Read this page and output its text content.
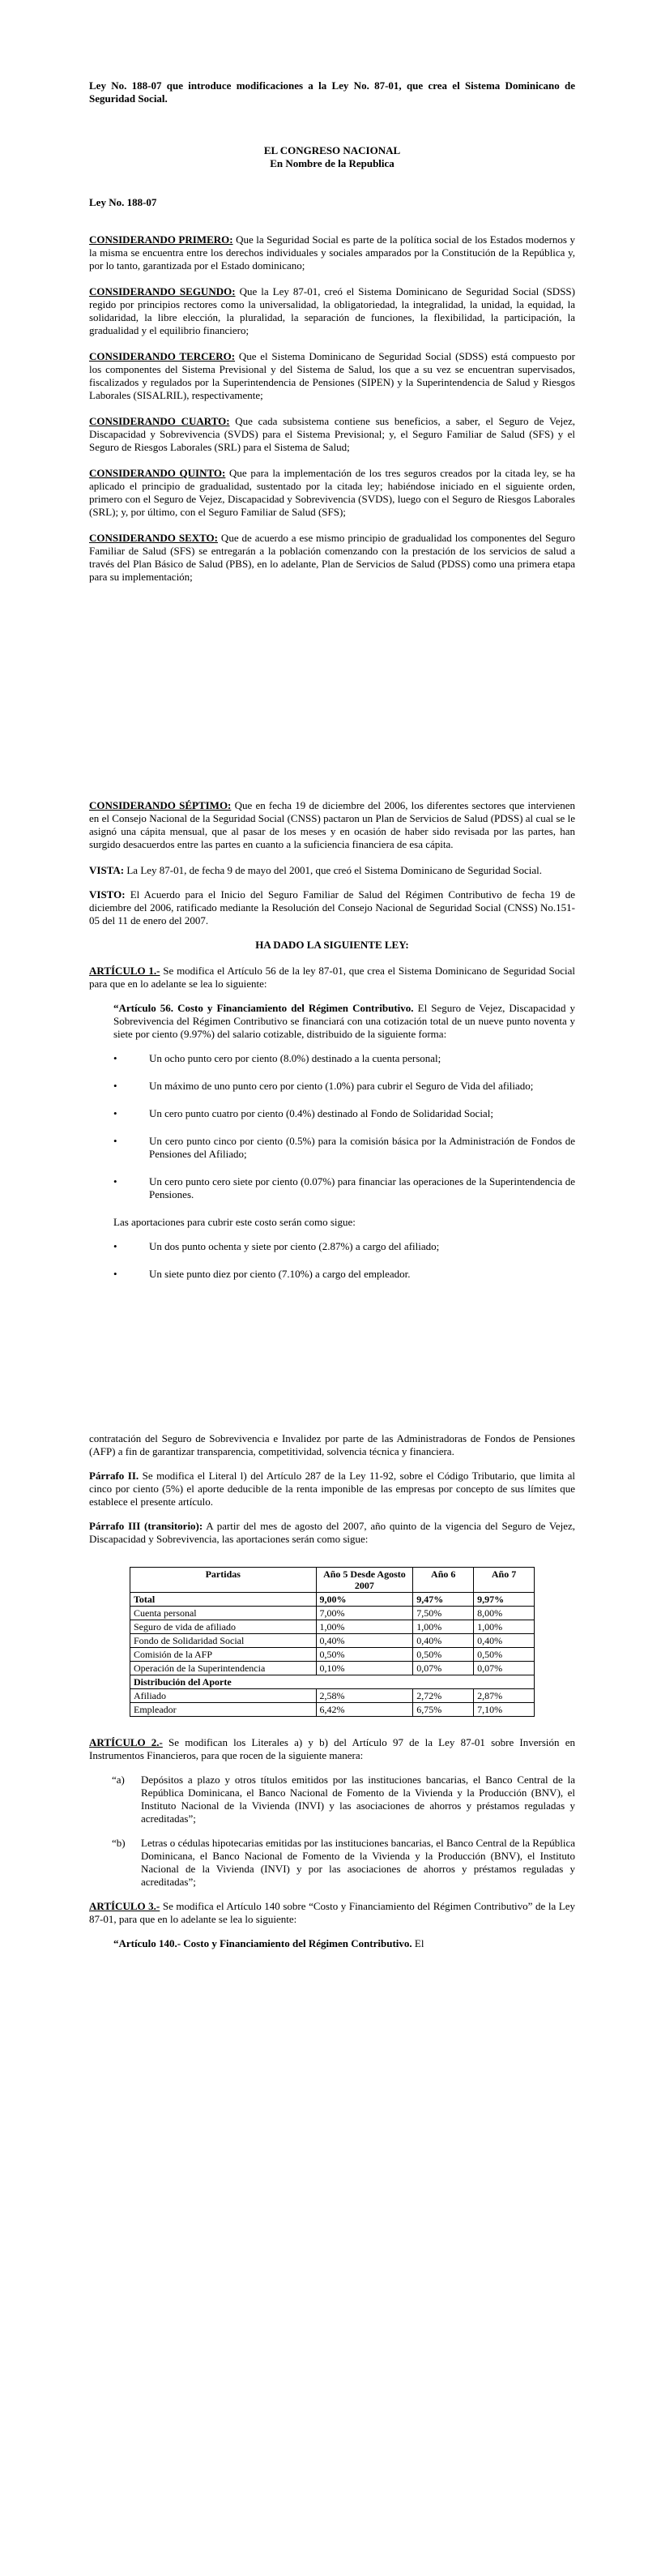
Ley No. 188-07 que introduce modificaciones a la Ley No. 87-01, que crea el Sistema Dominicano de Seguridad Social.

EL CONGRESO NACIONAL
En Nombre de la Republica

Ley No. 188-07

CONSIDERANDO PRIMERO: Que la Seguridad Social es parte de la política social de los Estados modernos y la misma se encuentra entre los derechos individuales y sociales amparados por la Constitución de la República y, por lo tanto, garantizada por el Estado dominicano;

CONSIDERANDO SEGUNDO: Que la Ley 87-01, creó el Sistema Dominicano de Seguridad Social (SDSS) regido por principios rectores como la universalidad, la obligatoriedad, la integralidad, la unidad, la equidad, la solidaridad, la libre elección, la pluralidad, la separación de funciones, la flexibilidad, la participación, la gradualidad y el equilibrio financiero;

CONSIDERANDO TERCERO: Que el Sistema Dominicano de Seguridad Social (SDSS) está compuesto por los componentes del Sistema Previsional y del Sistema de Salud, los que a su vez se encuentran supervisados, fiscalizados y regulados por la Superintendencia de Pensiones (SIPEN) y la Superintendencia de Salud y Riesgos Laborales (SISALRIL), respectivamente;

CONSIDERANDO CUARTO: Que cada subsistema contiene sus beneficios, a saber, el Seguro de Vejez, Discapacidad y Sobrevivencia (SVDS) para el Sistema Previsional; y, el Seguro Familiar de Salud (SFS) y el Seguro de Riesgos Laborales (SRL) para el Sistema de Salud;

CONSIDERANDO QUINTO: Que para la implementación de los tres seguros creados por la citada ley, se ha aplicado el principio de gradualidad, sustentado por la citada ley; habiéndose iniciado en el siguiente orden, primero con el Seguro de Vejez, Discapacidad y Sobrevivencia (SVDS), luego con el Seguro de Riesgos Laborales (SRL); y, por último, con el Seguro Familiar de Salud (SFS);

CONSIDERANDO SEXTO: Que de acuerdo a ese mismo principio de gradualidad los componentes del Seguro Familiar de Salud (SFS) se entregarán a la población comenzando con la prestación de los servicios de salud a través del Plan Básico de Salud (PBS), en lo adelante, Plan de Servicios de Salud (PDSS) como una primera etapa para su implementación;

CONSIDERANDO SÉPTIMO: Que en fecha 19 de diciembre del 2006, los diferentes sectores que intervienen en el Consejo Nacional de la Seguridad Social (CNSS) pactaron un Plan de Servicios de Salud (PDSS) al cual se le asignó una cápita mensual, que al pasar de los meses y en ocasión de haber sido revisada por las partes, han surgido desacuerdos entre las partes en cuanto a la suficiencia financiera de esa cápita.

VISTA: La Ley 87-01, de fecha 9 de mayo del 2001, que creó el Sistema Dominicano de Seguridad Social.

VISTO: El Acuerdo para el Inicio del Seguro Familiar de Salud del Régimen Contributivo de fecha 19 de diciembre del 2006, ratificado mediante la Resolución del Consejo Nacional de Seguridad Social (CNSS) No.151-05 del 11 de enero del 2007.

HA DADO LA SIGUIENTE LEY:

ARTÍCULO 1.- Se modifica el Artículo 56 de la ley 87-01, que crea el Sistema Dominicano de Seguridad Social para que en lo adelante se lea lo siguiente:

“Artículo 56. Costo y Financiamiento del Régimen Contributivo. El Seguro de Vejez, Discapacidad y Sobrevivencia del Régimen Contributivo se financiará con una cotización total de un nueve punto noventa y siete por ciento (9.97%) del salario cotizable, distribuido de la siguiente forma:

•	Un ocho punto cero por ciento (8.0%) destinado a la cuenta personal;
•	Un máximo de uno punto cero por ciento (1.0%) para cubrir el Seguro de Vida del afiliado;
•	Un cero punto cuatro por ciento (0.4%) destinado al Fondo de Solidaridad Social;
•	Un cero punto cinco por ciento (0.5%) para la comisión básica por la Administración de Fondos de Pensiones del Afiliado;
•	Un cero punto cero siete por ciento (0.07%) para financiar las operaciones de la Superintendencia de Pensiones.

Las aportaciones para cubrir este costo serán como sigue:

•	Un dos punto ochenta y siete por ciento (2.87%) a cargo del afiliado;
•	Un siete punto diez por ciento (7.10%) a cargo del empleador.

contratación del Seguro de Sobrevivencia e Invalidez por parte de las Administradoras de Fondos de Pensiones (AFP) a fin de garantizar transparencia, competitividad, solvencia técnica y financiera.

Párrafo II. Se modifica el Literal l) del Artículo 287 de la Ley 11-92, sobre el Código Tributario, que limita al cinco por ciento (5%) el aporte deducible de la renta imponible de las empresas por concepto de sus límites que establece el presente artículo.

Párrafo III (transitorio): A partir del mes de agosto del 2007, año quinto de la vigencia del Seguro de Vejez, Discapacidad y Sobrevivencia, las aportaciones serán como sigue:

Partidas	Año 5 Desde Agosto 2007	Año 6	Año 7
Total	9,00%	9,47%	9,97%
Cuenta personal	7,00%	7,50%	8,00%
Seguro de vida de afiliado	1,00%	1,00%	1,00%
Fondo de Solidaridad Social	0,40%	0,40%	0,40%
Comisión de la AFP	0,50%	0,50%	0,50%
Operación de la Superintendencia	0,10%	0,07%	0,07%
Distribución del Aporte			
Afiliado	2,58%	2,72%	2,87%
Empleador	6,42%	6,75%	7,10%

ARTÍCULO 2.- Se modifican los Literales a) y b) del Artículo 97 de la Ley 87-01 sobre Inversión en Instrumentos Financieros, para que rocen de la siguiente manera:

“a) Depósitos a plazo y otros títulos emitidos por las instituciones bancarias, el Banco Central de la República Dominicana, el Banco Nacional de Fomento de la Vivienda y la Producción (BNV), el Instituto Nacional de la Vivienda (INVI) y las asociaciones de ahorros y préstamos reguladas y acreditadas”;
“b) Letras o cédulas hipotecarias emitidas por las instituciones bancarias, el Banco Central de la República Dominicana, el Banco Nacional de Fomento de la Vivienda y la Producción (BNV), el Instituto Nacional de la Vivienda (INVI) y por las asociaciones de ahorros y préstamos reguladas y acreditadas”;

ARTÍCULO 3.- Se modifica el Artículo 140 sobre “Costo y Financiamiento del Régimen Contributivo” de la Ley 87-01, para que en lo adelante se lea lo siguiente:

“Artículo 140.- Costo y Financiamiento del Régimen Contributivo. El
